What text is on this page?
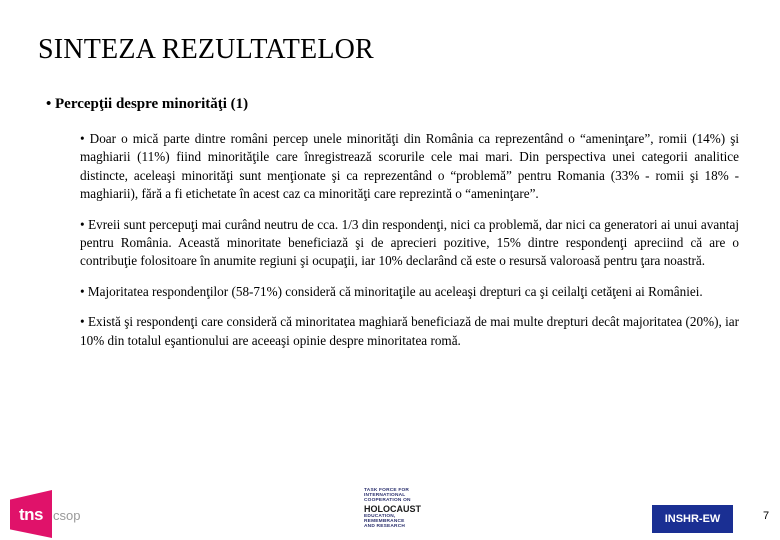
SINTEZA REZULTATELOR
• Percepţii despre minorităţi (1)

• Doar o mică parte dintre români percep unele minorităţi din România ca reprezentând o “ameninţare”, romii (14%) şi maghiarii (11%) fiind minorităţile care înregistrează scorurile cele mai mari. Din perspectiva unei categorii analitice distincte, aceleaşi minorităţi sunt menţionate şi ca reprezentând o “problemă” pentru Romania (33% - romii şi 18% - maghiarii), fără a fi etichetate în acest caz ca minorităţi care reprezintă o “ameninţare”.

• Evreii sunt percepuţi mai curând neutru de cca. 1/3 din respondenţi, nici ca problemă, dar nici ca generatori ai unui avantaj pentru România. Această minoritate beneficiază şi de aprecieri pozitive, 15% dintre respondenţi apreciind că are o contribuţie folositoare în anumite regiuni şi ocupaţii, iar 10% declarând că este o resursă valoroasă pentru ţara noastră.

• Majoritatea respondenţilor (58-71%) consideră că minoritaţile au aceleaşi drepturi ca şi ceilalţi cetăţeni ai României.

• Există şi respondenţi care consideră că minoritatea maghiară beneficiază de mai multe drepturi decât majoritatea (20%), iar 10% din totalul eşantionului are aceeaşi opinie despre minoritatea romă.

tns csop
TASK FORCE FOR
INTERNATIONAL
COOPERATION ON
HOLOCAUST
EDUCATION,
REMEMBRANCE
AND RESEARCH
INSHR-EW	7
